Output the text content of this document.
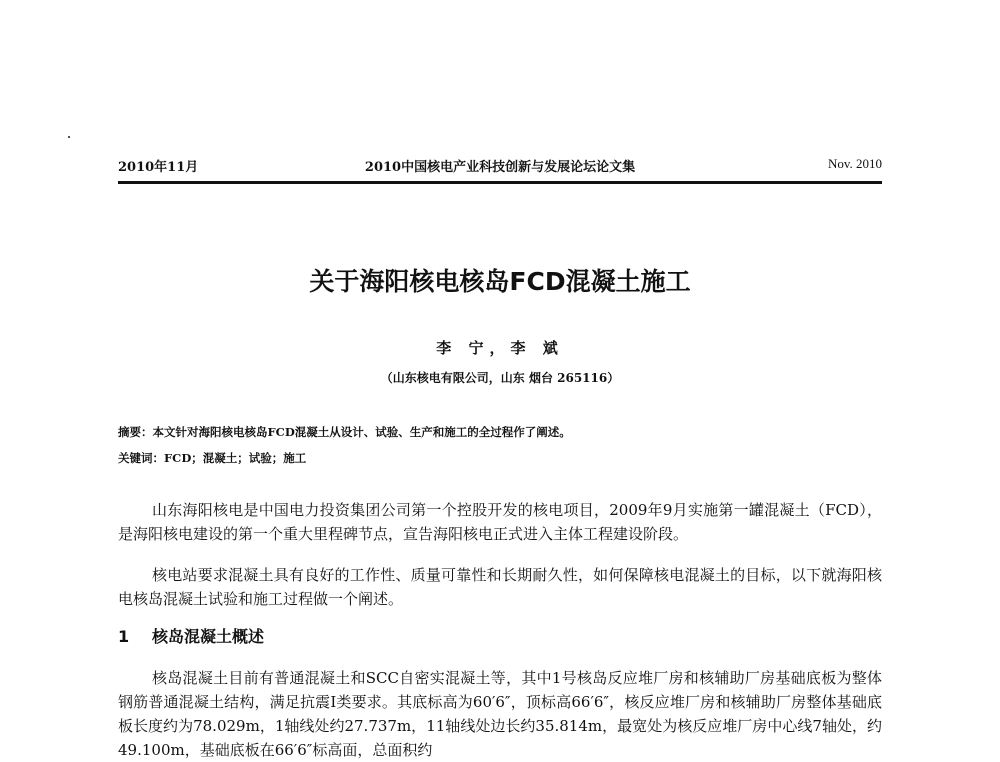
2010年11月	2010中国核电产业科技创新与发展论坛论文集	Nov. 2010
关于海阳核电核岛FCD混凝土施工
李 宁，李 斌
（山东核电有限公司，山东 烟台 265116）
摘要：本文针对海阳核电核岛FCD混凝土从设计、试验、生产和施工的全过程作了阐述。
关键词：FCD；混凝土；试验；施工

山东海阳核电是中国电力投资集团公司第一个控股开发的核电项目，2009年9月实施第一罐混凝土（FCD），是海阳核电建设的第一个重大里程碑节点，宣告海阳核电正式进入主体工程建设阶段。

核电站要求混凝土具有良好的工作性、质量可靠性和长期耐久性，如何保障核电混凝土的目标，以下就海阳核电核岛混凝土试验和施工过程做一个阐述。

1 核岛混凝土概述

核岛混凝土目前有普通混凝土和SCC自密实混凝土等，其中1号核岛反应堆厂房和核辅助厂房基础底板为整体钢筋普通混凝土结构，满足抗震I类要求。其底标高为60′6″，顶标高66′6″，核反应堆厂房和核辅助厂房整体基础底板长度约为78.029m，1轴线处约27.737m，11轴线处边长约35.814m，最宽处为核反应堆厂房中心线7轴处，约49.100m，基础底板在66′6″标高面，总面积约
